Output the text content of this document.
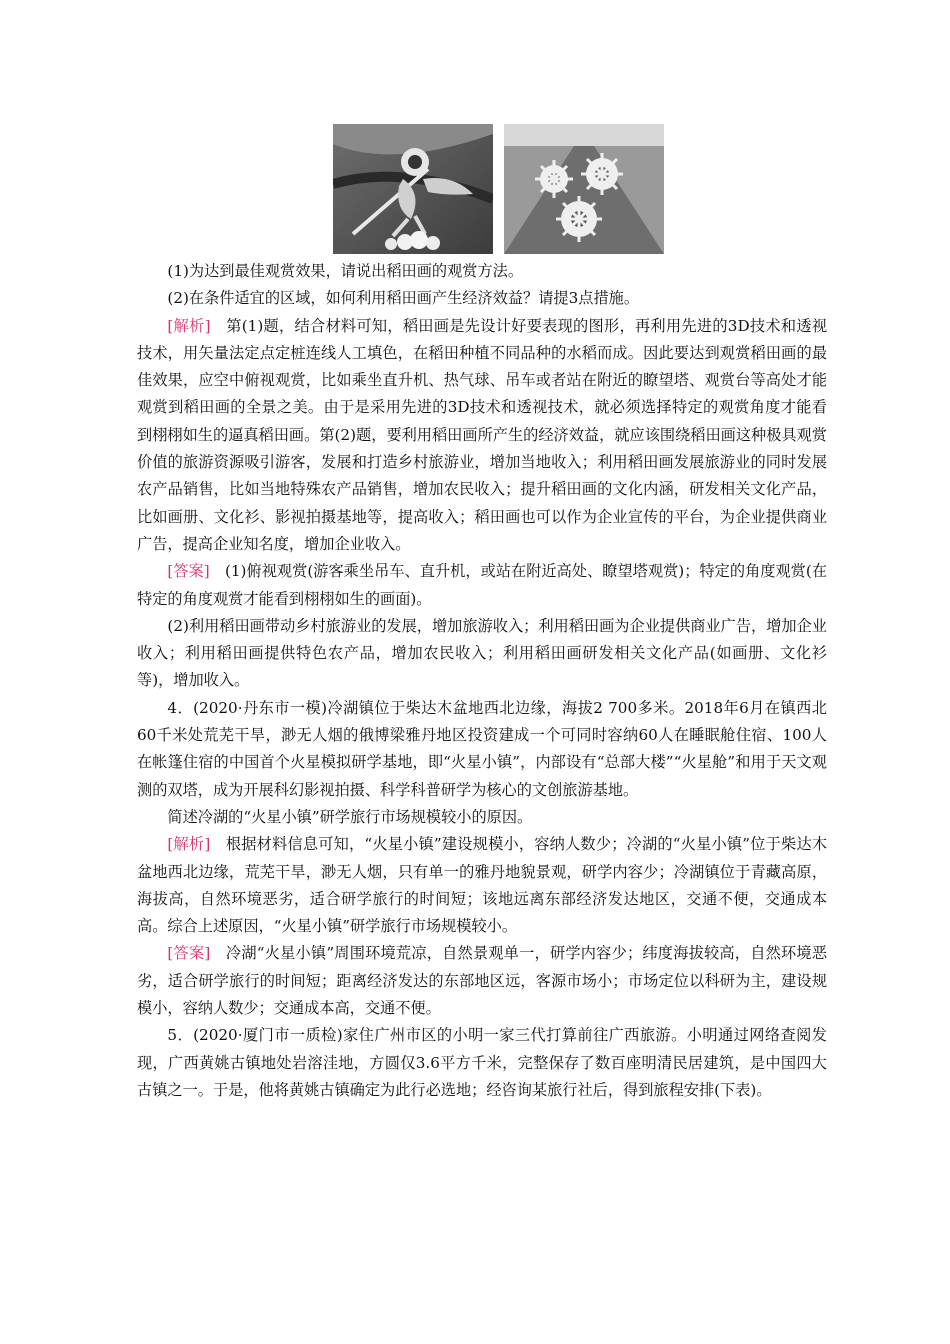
(1)为达到最佳观赏效果，请说出稻田画的观赏方法。

(2)在条件适宜的区域，如何利用稻田画产生经济效益？请提3点措施。

[ 解析 ]　 第(1)题，结合材料可知，稻田画是先设计好要表现的图形，再利用先进的3D技术和透视技术，用矢量法定点定桩连线人工填色，在稻田种植不同品种的水稻而成。因此要达到观赏稻田画的最佳效果，应空中俯视观赏，比如乘坐直升机、热气球、吊车或者站在附近的瞭望塔、观赏台等高处才能观赏到稻田画的全景之美。由于是采用先进的3D技术和透视技术，就必须选择特定的观赏角度才能看到栩栩如生的逼真稻田画。第(2)题，要利用稻田画所产生的经济效益，就应该围绕稻田画这种极具观赏价值的旅游资源吸引游客，发展和打造乡村旅游业，增加当地收入；利用稻田画发展旅游业的同时发展农产品销售，比如当地特殊农产品销售，增加农民收入；提升稻田画的文化内涵，研发相关文化产品，比如画册、文化衫、影视拍摄基地等，提高收入；稻田画也可以作为企业宣传的平台，为企业提供商业广告，提高企业知名度，增加企业收入。

[ 答案 ]　 (1)俯视观赏(游客乘坐吊车、直升机，或站在附近高处、瞭望塔观赏)；特定的角度观赏(在特定的角度观赏才能看到栩栩如生的画面)。

(2)利用稻田画带动乡村旅游业的发展，增加旅游收入；利用稻田画为企业提供商业广告，增加企业收入；利用稻田画提供特色农产品，增加农民收入；利用稻田画研发相关文化产品(如画册、文化衫等)，增加收入。

4．(2020·丹东市一模)冷湖镇位于柴达木盆地西北边缘，海拔2 700多米。2018年6月在镇西北60千米处荒芜干旱，渺无人烟的俄博梁雅丹地区投资建成一个可同时容纳60人在睡眠舱住宿、100人在帐篷住宿的中国首个火星模拟研学基地，即“火星小镇”，内部设有“总部大楼”“火星舱”和用于天文观测的双塔，成为开展科幻影视拍摄、科学科普研学为核心的文创旅游基地。

简述冷湖的“火星小镇”研学旅行市场规模较小的原因。

[ 解析 ]　 根据材料信息可知，“火星小镇”建设规模小，容纳人数少；冷湖的“火星小镇”位于柴达木盆地西北边缘，荒芜干旱，渺无人烟，只有单一的雅丹地貌景观，研学内容少；冷湖镇位于青藏高原，海拔高，自然环境恶劣，适合研学旅行的时间短；该地远离东部经济发达地区，交通不便，交通成本高。综合上述原因，“火星小镇”研学旅行市场规模较小。

[ 答案 ]　 冷湖“火星小镇”周围环境荒凉，自然景观单一，研学内容少；纬度海拔较高，自然环境恶劣，适合研学旅行的时间短；距离经济发达的东部地区远，客源市场小；市场定位以科研为主，建设规模小，容纳人数少；交通成本高，交通不便。

5．(2020·厦门市一质检)家住广州市区的小明一家三代打算前往广西旅游。小明通过网络查阅发现，广西黄姚古镇地处岩溶洼地，方圆仅3.6平方千米，完整保存了数百座明清民居建筑，是中国四大古镇之一。于是，他将黄姚古镇确定为此行必选地；经咨询某旅行社后，得到旅程安排(下表)。
